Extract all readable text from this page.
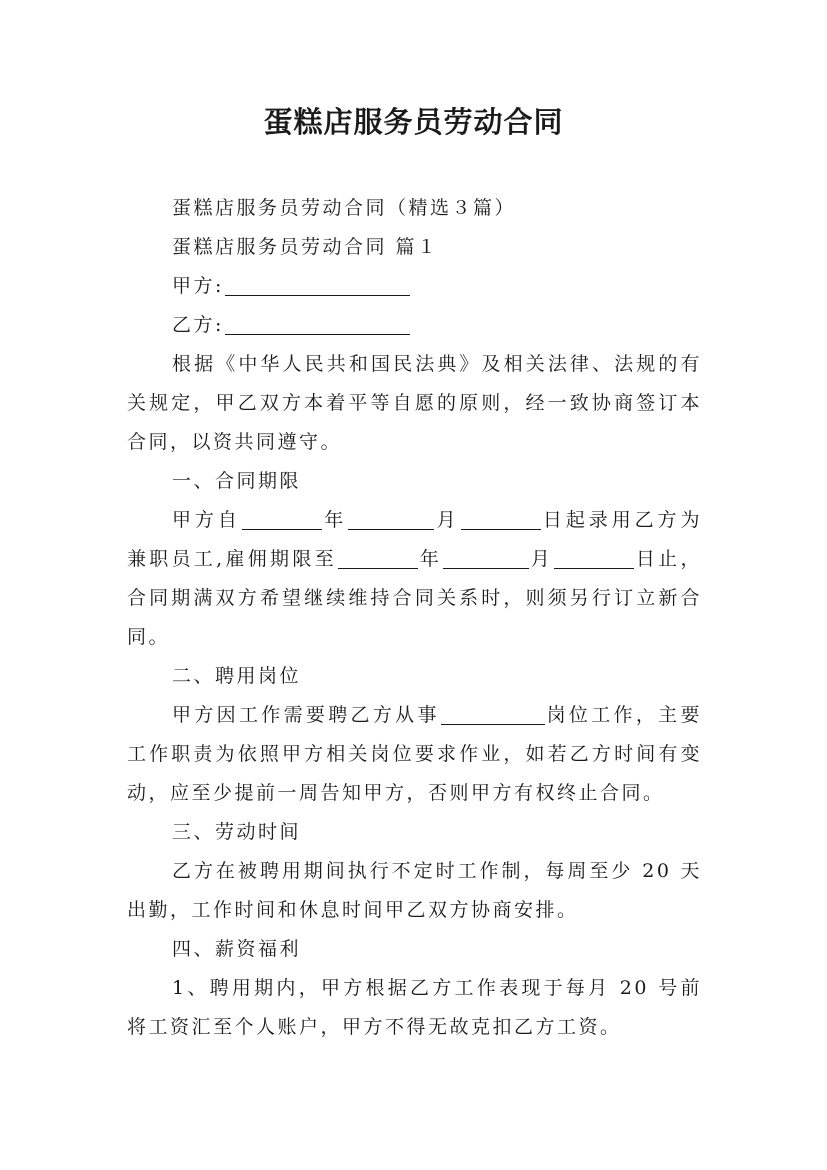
蛋糕店服务员劳动合同

蛋糕店服务员劳动合同（精选３篇）

蛋糕店服务员劳动合同 篇１

甲方:

乙方:

根据《中华人民共和国民法典》及相关法律、法规的有关规定，甲乙双方本着平等自愿的原则，经一致协商签订本合同，以资共同遵守。

一、合同期限

甲方自	年	月	日起录用乙方为兼职员工,雇佣期限至	年	月	日止，合同期满双方希望继续维持合同关系时，则须另行订立新合同。

二、聘用岗位

甲方因工作需要聘乙方从事	岗位工作，主要工作职责为依照甲方相关岗位要求作业，如若乙方时间有变动，应至少提前一周告知甲方，否则甲方有权终止合同。

三、劳动时间

乙方在被聘用期间执行不定时工作制，每周至少 20 天出勤，工作时间和休息时间甲乙双方协商安排。

四、薪资福利

1、聘用期内，甲方根据乙方工作表现于每月 20 号前将工资汇至个人账户，甲方不得无故克扣乙方工资。
